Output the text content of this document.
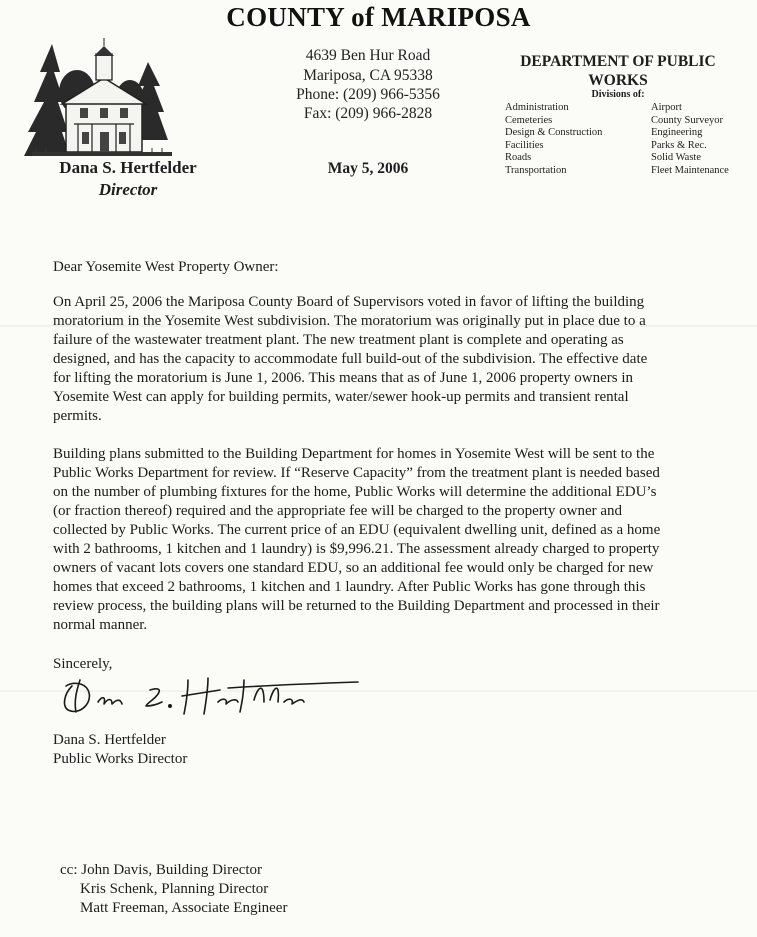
COUNTY of MARIPOSA
Dana S. Hertfelder
Director
4639 Ben Hur Road
Mariposa, CA 95338
Phone: (209) 966-5356
Fax: (209) 966-2828
May 5, 2006
DEPARTMENT OF PUBLIC
WORKS
Divisions of:
Administration
Cemeteries
Design & Construction
Facilities
Roads
Transportation
Airport
County Surveyor
Engineering
Parks & Rec.
Solid Waste
Fleet Maintenance
Dear Yosemite West Property Owner:
On April 25, 2006 the Mariposa County Board of Supervisors voted in favor of lifting the building
moratorium in the Yosemite West subdivision. The moratorium was originally put in place due to a
failure of the wastewater treatment plant. The new treatment plant is complete and operating as
designed, and has the capacity to accommodate full build-out of the subdivision. The effective date
for lifting the moratorium is June 1, 2006. This means that as of June 1, 2006 property owners in
Yosemite West can apply for building permits, water/sewer hook-up permits and transient rental
permits.
Building plans submitted to the Building Department for homes in Yosemite West will be sent to the
Public Works Department for review. If “Reserve Capacity” from the treatment plant is needed based
on the number of plumbing fixtures for the home, Public Works will determine the additional EDU’s
(or fraction thereof) required and the appropriate fee will be charged to the property owner and
collected by Public Works. The current price of an EDU (equivalent dwelling unit, defined as a home
with 2 bathrooms, 1 kitchen and 1 laundry) is $9,996.21. The assessment already charged to property
owners of vacant lots covers one standard EDU, so an additional fee would only be charged for new
homes that exceed 2 bathrooms, 1 kitchen and 1 laundry. After Public Works has gone through this
review process, the building plans will be returned to the Building Department and processed in their
normal manner.
Sincerely,
Dana S. Hertfelder
Public Works Director
cc: John Davis, Building Director
Kris Schenk, Planning Director
Matt Freeman, Associate Engineer
